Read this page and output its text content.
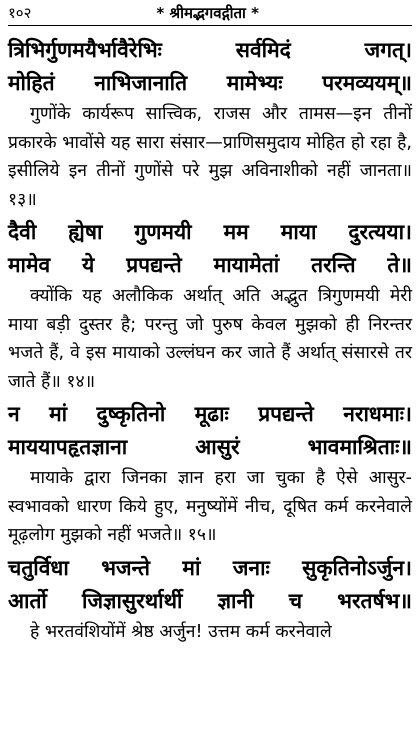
१०२	* श्रीमद्भगवद्गीता *
त्रिभिर्गुणमयैर्भावैरेभिः सर्वमिदं जगत्।
मोहितं नाभिजानाति मामेभ्यः परमव्ययम्॥

गुणोंके कार्यरूप सात्त्विक, राजस और तामस—इन तीनों प्रकारके भावोंसे यह सारा संसार—प्राणिसमुदाय मोहित हो रहा है, इसीलिये इन तीनों गुणोंसे परे मुझ अविनाशीको नहीं जानता॥ १३॥

दैवी ह्येषा गुणमयी मम माया दुरत्यया।
मामेव ये प्रपद्यन्ते मायामेतां तरन्ति ते॥

क्योंकि यह अलौकिक अर्थात् अति अद्भुत त्रिगुणमयी मेरी माया बड़ी दुस्तर है; परन्तु जो पुरुष केवल मुझको ही निरन्तर भजते हैं, वे इस मायाको उल्लंघन कर जाते हैं अर्थात् संसारसे तर जाते हैं॥ १४॥

न मां दुष्कृतिनो मूढाः प्रपद्यन्ते नराधमाः।
माययापहृतज्ञाना आसुरं भावमाश्रिताः॥

मायाके द्वारा जिनका ज्ञान हरा जा चुका है ऐसे आसुर-स्वभावको धारण किये हुए, मनुष्योंमें नीच, दूषित कर्म करनेवाले मूढ़लोग मुझको नहीं भजते॥ १५॥

चतुर्विधा भजन्ते मां जनाः सुकृतिनोऽर्जुन।
आर्तो जिज्ञासुरर्थार्थी ज्ञानी च भरतर्षभ॥

हे भरतवंशियोंमें श्रेष्ठ अर्जुन! उत्तम कर्म करनेवाले
